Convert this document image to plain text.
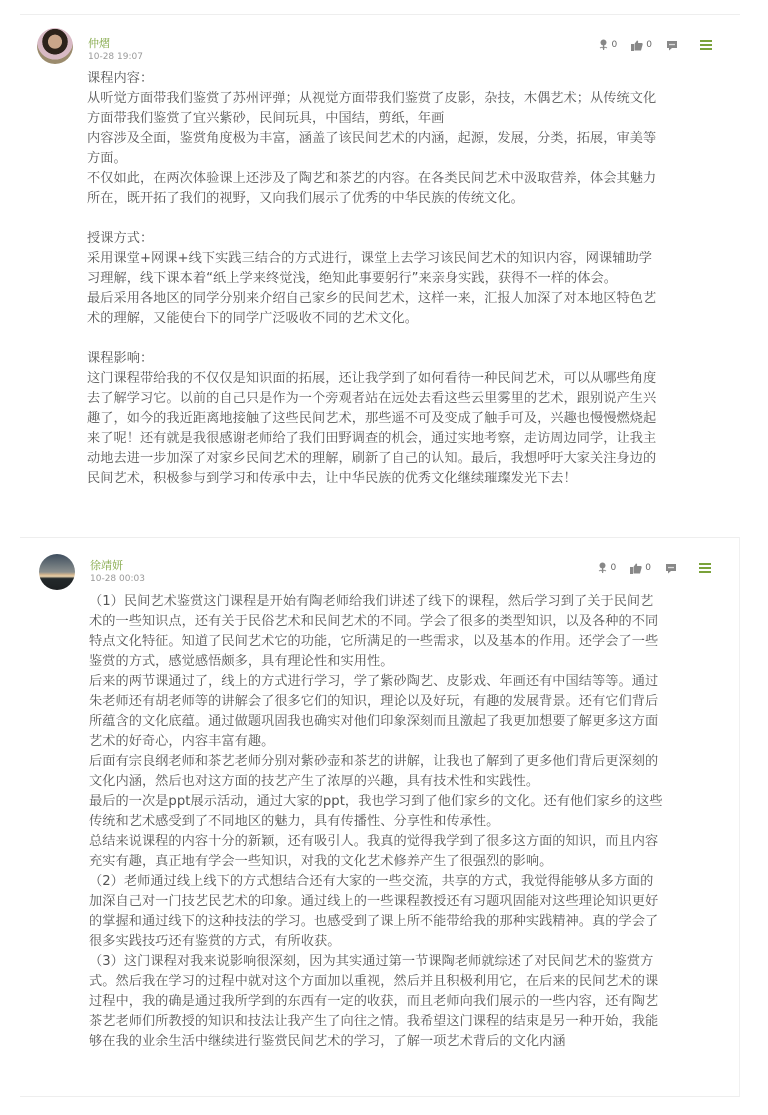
仲熠
10-28 19:07
0	0

课程内容：

从听觉方面带我们鉴赏了苏州评弹；从视觉方面带我们鉴赏了皮影，杂技，木偶艺术；从传统文化

方面带我们鉴赏了宜兴紫砂，民间玩具，中国结，剪纸，年画

内容涉及全面，鉴赏角度极为丰富，涵盖了该民间艺术的内涵，起源，发展，分类，拓展，审美等

方面。

不仅如此，在两次体验课上还涉及了陶艺和茶艺的内容。在各类民间艺术中汲取营养，体会其魅力

所在，既开拓了我们的视野，又向我们展示了优秀的中华民族的传统文化。

授课方式：

采用课堂+网课+线下实践三结合的方式进行，课堂上去学习该民间艺术的知识内容，网课辅助学

习理解，线下课本着“纸上学来终觉浅，绝知此事要躬行”来亲身实践，获得不一样的体会。

最后采用各地区的同学分别来介绍自己家乡的民间艺术，这样一来，汇报人加深了对本地区特色艺

术的理解，又能使台下的同学广泛吸收不同的艺术文化。

课程影响：

这门课程带给我的不仅仅是知识面的拓展，还让我学到了如何看待一种民间艺术，可以从哪些角度

去了解学习它。以前的自己只是作为一个旁观者站在远处去看这些云里雾里的艺术，跟别说产生兴

趣了，如今的我近距离地接触了这些民间艺术，那些遥不可及变成了触手可及，兴趣也慢慢燃烧起

来了呢！还有就是我很感谢老师给了我们田野调查的机会，通过实地考察，走访周边同学，让我主

动地去进一步加深了对家乡民间艺术的理解，刷新了自己的认知。最后，我想呼吁大家关注身边的

民间艺术，积极参与到学习和传承中去，让中华民族的优秀文化继续璀璨发光下去！

徐靖妍
10-28 00:03
0	0

（1）民间艺术鉴赏这门课程是开始有陶老师给我们讲述了线下的课程，然后学习到了关于民间艺

术的一些知识点，还有关于民俗艺术和民间艺术的不同。学会了很多的类型知识，以及各种的不同

特点文化特征。知道了民间艺术它的功能，它所满足的一些需求，以及基本的作用。还学会了一些

鉴赏的方式，感觉感悟颇多，具有理论性和实用性。

后来的两节课通过了，线上的方式进行学习，学了紫砂陶艺、皮影戏、年画还有中国结等等。通过

朱老师还有胡老师等的讲解会了很多它们的知识，理论以及好玩，有趣的发展背景。还有它们背后

所蕴含的文化底蕴。通过做题巩固我也确实对他们印象深刻而且激起了我更加想要了解更多这方面

艺术的好奇心，内容丰富有趣。

后面有宗良纲老师和茶艺老师分别对紫砂壶和茶艺的讲解，让我也了解到了更多他们背后更深刻的

文化内涵，然后也对这方面的技艺产生了浓厚的兴趣，具有技术性和实践性。

最后的一次是ppt展示活动，通过大家的ppt，我也学习到了他们家乡的文化。还有他们家乡的这些

传统和艺术感受到了不同地区的魅力，具有传播性、分享性和传承性。

总结来说课程的内容十分的新颖，还有吸引人。我真的觉得我学到了很多这方面的知识，而且内容

充实有趣，真正地有学会一些知识，对我的文化艺术修养产生了很强烈的影响。

（2）老师通过线上线下的方式想结合还有大家的一些交流，共享的方式，我觉得能够从多方面的

加深自己对一门技艺民艺术的印象。通过线上的一些课程教授还有习题巩固能对这些理论知识更好

的掌握和通过线下的这种技法的学习。也感受到了课上所不能带给我的那种实践精神。真的学会了

很多实践技巧还有鉴赏的方式，有所收获。

（3）这门课程对我来说影响很深刻，因为其实通过第一节课陶老师就综述了对民间艺术的鉴赏方

式。然后我在学习的过程中就对这个方面加以重视，然后并且积极利用它，在后来的民间艺术的课

过程中，我的确是通过我所学到的东西有一定的收获，而且老师向我们展示的一些内容，还有陶艺

茶艺老师们所教授的知识和技法让我产生了向往之情。我希望这门课程的结束是另一种开始，我能

够在我的业余生活中继续进行鉴赏民间艺术的学习，了解一项艺术背后的文化内涵
